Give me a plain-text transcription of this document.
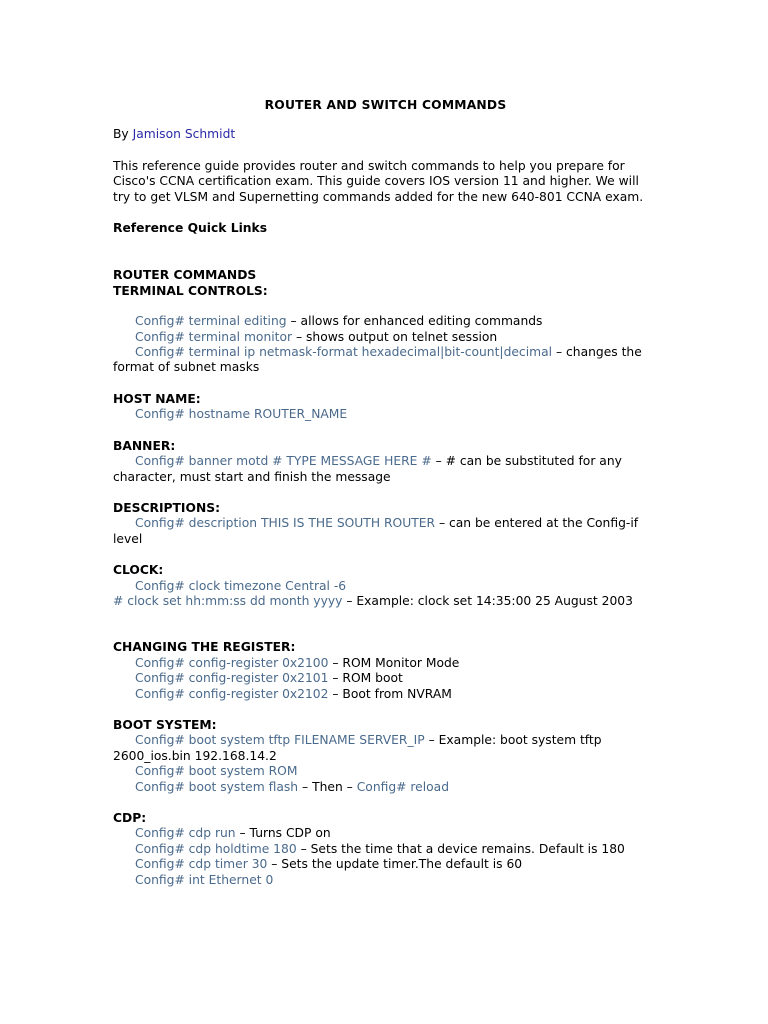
ROUTER AND SWITCH COMMANDS
By Jamison Schmidt
This reference guide provides router and switch commands to help you prepare for Cisco's CCNA certification exam. This guide covers IOS version 11 and higher. We will try to get VLSM and Supernetting commands added for the new 640-801 CCNA exam.
Reference Quick Links
ROUTER COMMANDS
TERMINAL CONTROLS:
Config# terminal editing – allows for enhanced editing commands
Config# terminal monitor – shows output on telnet session
Config# terminal ip netmask-format hexadecimal|bit-count|decimal – changes the format of subnet masks
HOST NAME:
Config# hostname ROUTER_NAME
BANNER:
Config# banner motd # TYPE MESSAGE HERE # – # can be substituted for any character, must start and finish the message
DESCRIPTIONS:
Config# description THIS IS THE SOUTH ROUTER – can be entered at the Config-if level
CLOCK:
Config# clock timezone Central -6
# clock set hh:mm:ss dd month yyyy – Example: clock set 14:35:00 25 August 2003
CHANGING THE REGISTER:
Config# config-register 0x2100 – ROM Monitor Mode
Config# config-register 0x2101 – ROM boot
Config# config-register 0x2102 – Boot from NVRAM
BOOT SYSTEM:
Config# boot system tftp FILENAME SERVER_IP – Example: boot system tftp 2600_ios.bin 192.168.14.2
Config# boot system ROM
Config# boot system flash – Then – Config# reload
CDP:
Config# cdp run – Turns CDP on
Config# cdp holdtime 180 – Sets the time that a device remains. Default is 180
Config# cdp timer 30 – Sets the update timer.The default is 60
Config# int Ethernet 0
